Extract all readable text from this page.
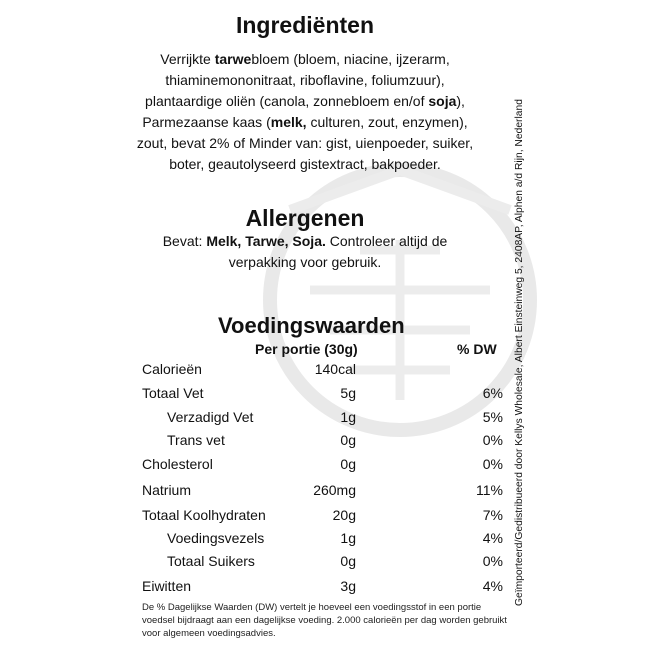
Ingrediënten
Verrijkte tarwebloem (bloem, niacine, ijzerarm,
thiaminemononitraat, riboflavine, foliumzuur),
plantaardige oliën (canola, zonnebloem en/of soja),
Parmezaanse kaas (melk, culturen, zout, enzymen),
zout, bevat 2% of Minder van: gist, uienpoeder, suiker,
boter, geautolyseerd gistextract, bakpoeder.
Allergenen
Bevat: Melk, Tarwe, Soja. Controleer altijd de
verpakking voor gebruik.
Voedingswaarden
Per portie (30g)	% DW
Calorieën	140cal
Totaal Vet	5g	6%
Verzadigd Vet	1g	5%
Trans vet	0g	0%
Cholesterol	0g	0%
Natrium	260mg	11%
Totaal Koolhydraten	20g	7%
Voedingsvezels	1g	4%
Totaal Suikers	0g	0%
Eiwitten	3g	4%
De % Dagelijkse Waarden (DW) vertelt je hoeveel een voedingsstof in een portie voedsel bijdraagt aan een dagelijkse voeding. 2.000 calorieën per dag worden gebruikt voor algemeen voedingsadvies.
Geïmporteerd/Gedistribueerd door Kellys Wholesale, Albert Einsteinweg 5, 2408AP, Alphen a/d Rijn, Nederland
